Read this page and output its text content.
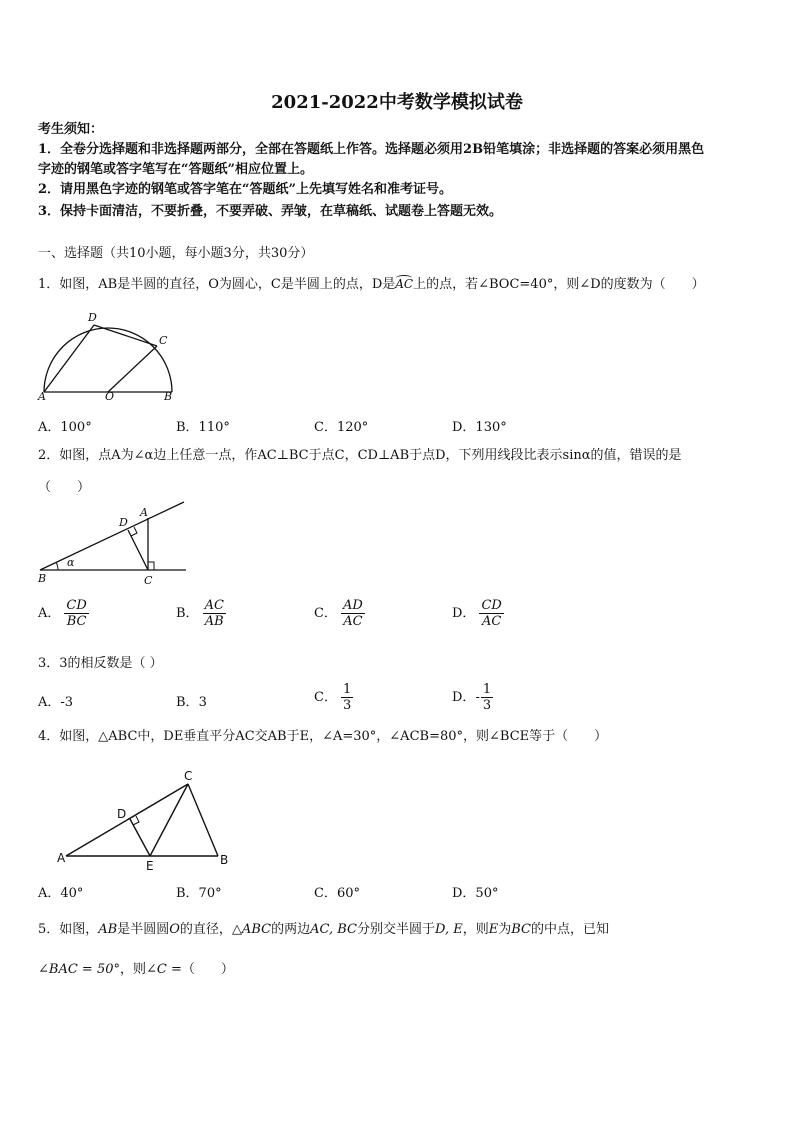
2021-2022中考数学模拟试卷
考生须知：
1．全卷分选择题和非选择题两部分，全部在答题纸上作答。选择题必须用2B铅笔填涂；非选择题的答案必须用黑色
字迹的钢笔或答字笔写在“答题纸”相应位置上。
2．请用黑色字迹的钢笔或答字笔在“答题纸”上先填写姓名和准考证号。
3．保持卡面清洁，不要折叠，不要弄破、弄皱，在草稿纸、试题卷上答题无效。
一、选择题（共10小题，每小题3分，共30分）
1．如图，AB是半圆的直径，O为圆心，C是半圆上的点，D是
AC上的点，若∠BOC=40°，则∠D的度数为（　　）
D
C
A	O	B
A．100°	B．110°	C．120°	D．130°
2．如图，点A为∠α边上任意一点，作AC⊥BC于点C，CD⊥AB于点D，下列用线段比表示sinα的值，错误的是
（　　）
D
A
α
B	C
A． $\frac{CD}{BC}$	B． $\frac{AC}{AB}$	C． $\frac{AD}{AC}$	D． $\frac{CD}{AC}$
3．3的相反数是（ ）
A．-3	B．3	C． $\frac{1}{3}$	D．- $\frac{1}{3}$
4．如图，△ABC中，DE垂直平分AC交AB于E，∠A=30°，∠ACB=80°，则∠BCE等于（　　）
C
D
A
E	B
A．40°	B．70°	C．60°	D．50°
5．如图，AB是半圆圆O的直径，△ABC的两边AC, BC分别交半圆于D, E，则E为BC的中点，已知
∠BAC = 50°，则∠C =（　　）
